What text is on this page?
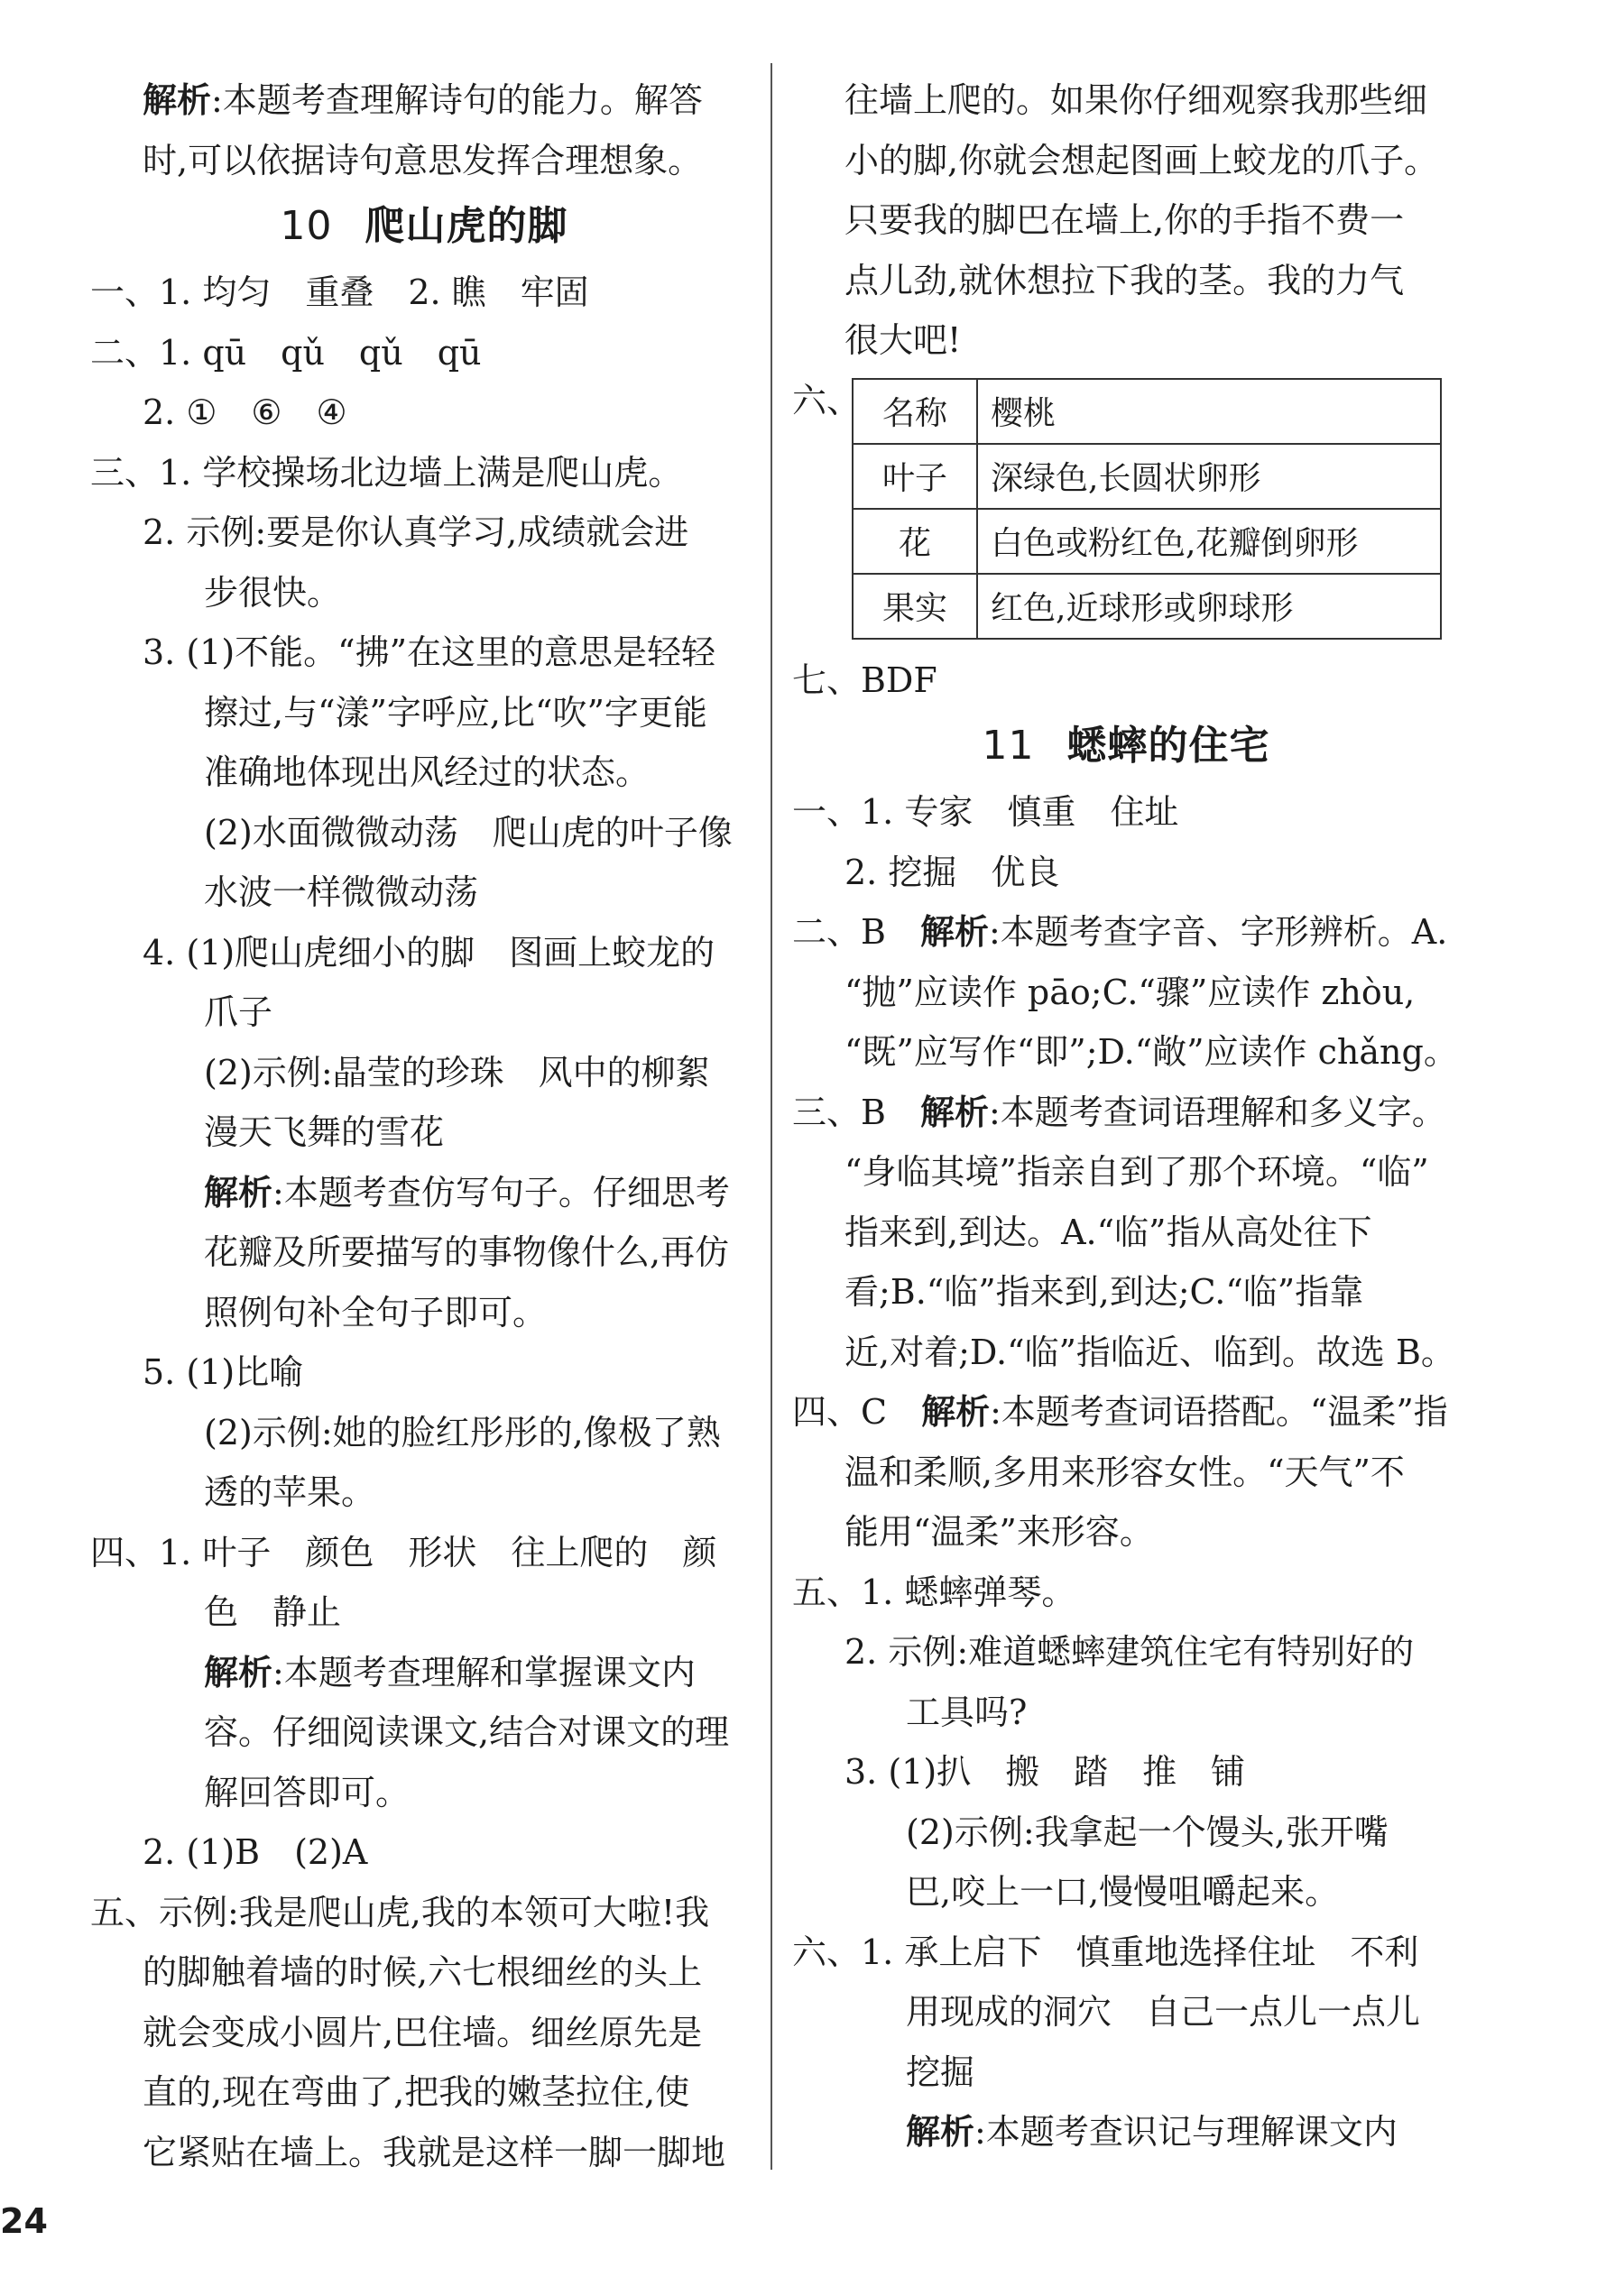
解析:本题考查理解诗句的能力。解答
时,可以依据诗句意思发挥合理想象。
10 爬山虎的脚
一、1. 均匀　重叠　2. 瞧　牢固
二、1. qū　qǔ　qǔ　qū
2. ①　⑥　④
三、1. 学校操场北边墙上满是爬山虎。
2. 示例:要是你认真学习,成绩就会进
步很快。
3. (1)不能。“拂”在这里的意思是轻轻
擦过,与“漾”字呼应,比“吹”字更能
准确地体现出风经过的状态。
(2)水面微微动荡　爬山虎的叶子像
水波一样微微动荡
4. (1)爬山虎细小的脚　图画上蛟龙的
爪子
(2)示例:晶莹的珍珠　风中的柳絮
漫天飞舞的雪花
解析:本题考查仿写句子。仔细思考
花瓣及所要描写的事物像什么,再仿
照例句补全句子即可。
5. (1)比喻
(2)示例:她的脸红彤彤的,像极了熟
透的苹果。
四、1. 叶子　颜色　形状　往上爬的　颜
色　静止
解析:本题考查理解和掌握课文内
容。仔细阅读课文,结合对课文的理
解回答即可。
2. (1)B　(2)A
五、示例:我是爬山虎,我的本领可大啦!我
的脚触着墙的时候,六七根细丝的头上
就会变成小圆片,巴住墙。细丝原先是
直的,现在弯曲了,把我的嫩茎拉住,使
它紧贴在墙上。我就是这样一脚一脚地
往墙上爬的。如果你仔细观察我那些细
小的脚,你就会想起图画上蛟龙的爪子。
只要我的脚巴在墙上,你的手指不费一
点儿劲,就休想拉下我的茎。我的力气
很大吧!
六、 名称	樱桃
叶子	深绿色,长圆状卵形
花	白色或粉红色,花瓣倒卵形
果实	红色,近球形或卵球形
七、BDF
11 蟋蟀的住宅
一、1. 专家　慎重　住址
2. 挖掘　优良
二、B　解析:本题考查字音、字形辨析。A.
“抛”应读作 pāo;C.“骤”应读作 zhòu,
“既”应写作“即”;D.“敞”应读作 chǎng。
三、B　解析:本题考查词语理解和多义字。
“身临其境”指亲自到了那个环境。“临”
指来到,到达。A.“临”指从高处往下
看;B.“临”指来到,到达;C.“临”指靠
近,对着;D.“临”指临近、临到。故选 B。
四、C　解析:本题考查词语搭配。“温柔”指
温和柔顺,多用来形容女性。“天气”不
能用“温柔”来形容。
五、1. 蟋蟀弹琴。
2. 示例:难道蟋蟀建筑住宅有特别好的
工具吗?
3. (1)扒　搬　踏　推　铺
(2)示例:我拿起一个馒头,张开嘴
巴,咬上一口,慢慢咀嚼起来。
六、1. 承上启下　慎重地选择住址　不利
用现成的洞穴　自己一点儿一点儿
挖掘
解析:本题考查识记与理解课文内
24
